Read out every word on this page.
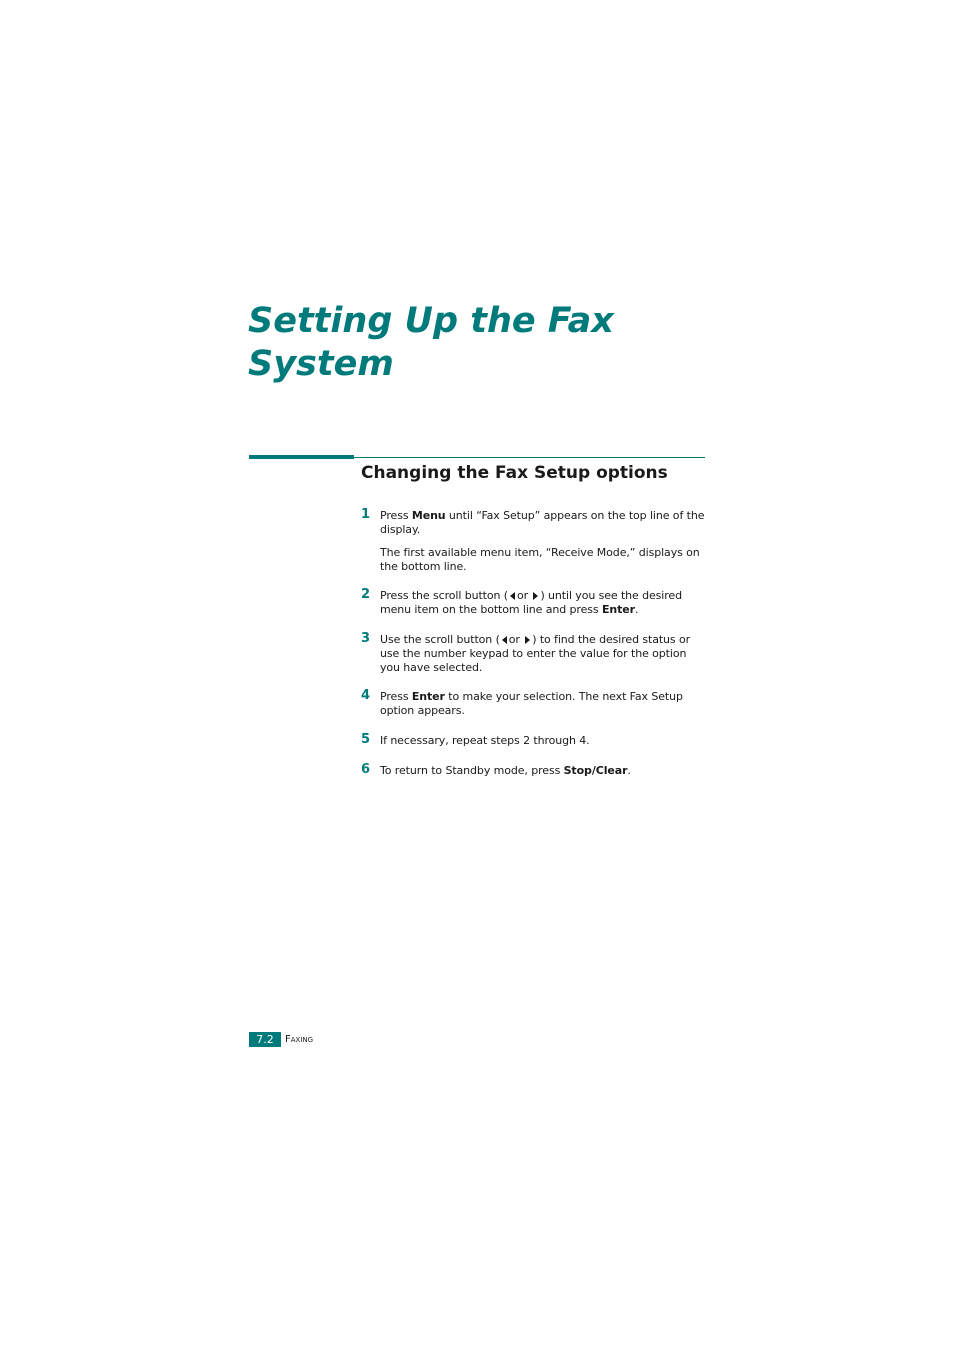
Setting Up the Fax System
Changing the Fax Setup options
1 Press Menu until “Fax Setup” appears on the top line of the display.

The first available menu item, “Receive Mode,” displays on the bottom line.

2 Press the scroll button ( or ) until you see the desired menu item on the bottom line and press Enter.

3 Use the scroll button ( or ) to find the desired status or use the number keypad to enter the value for the option you have selected.

4 Press Enter to make your selection. The next Fax Setup option appears.

5 If necessary, repeat steps 2 through 4.

6 To return to Standby mode, press Stop/Clear.

7.2	Faxing
